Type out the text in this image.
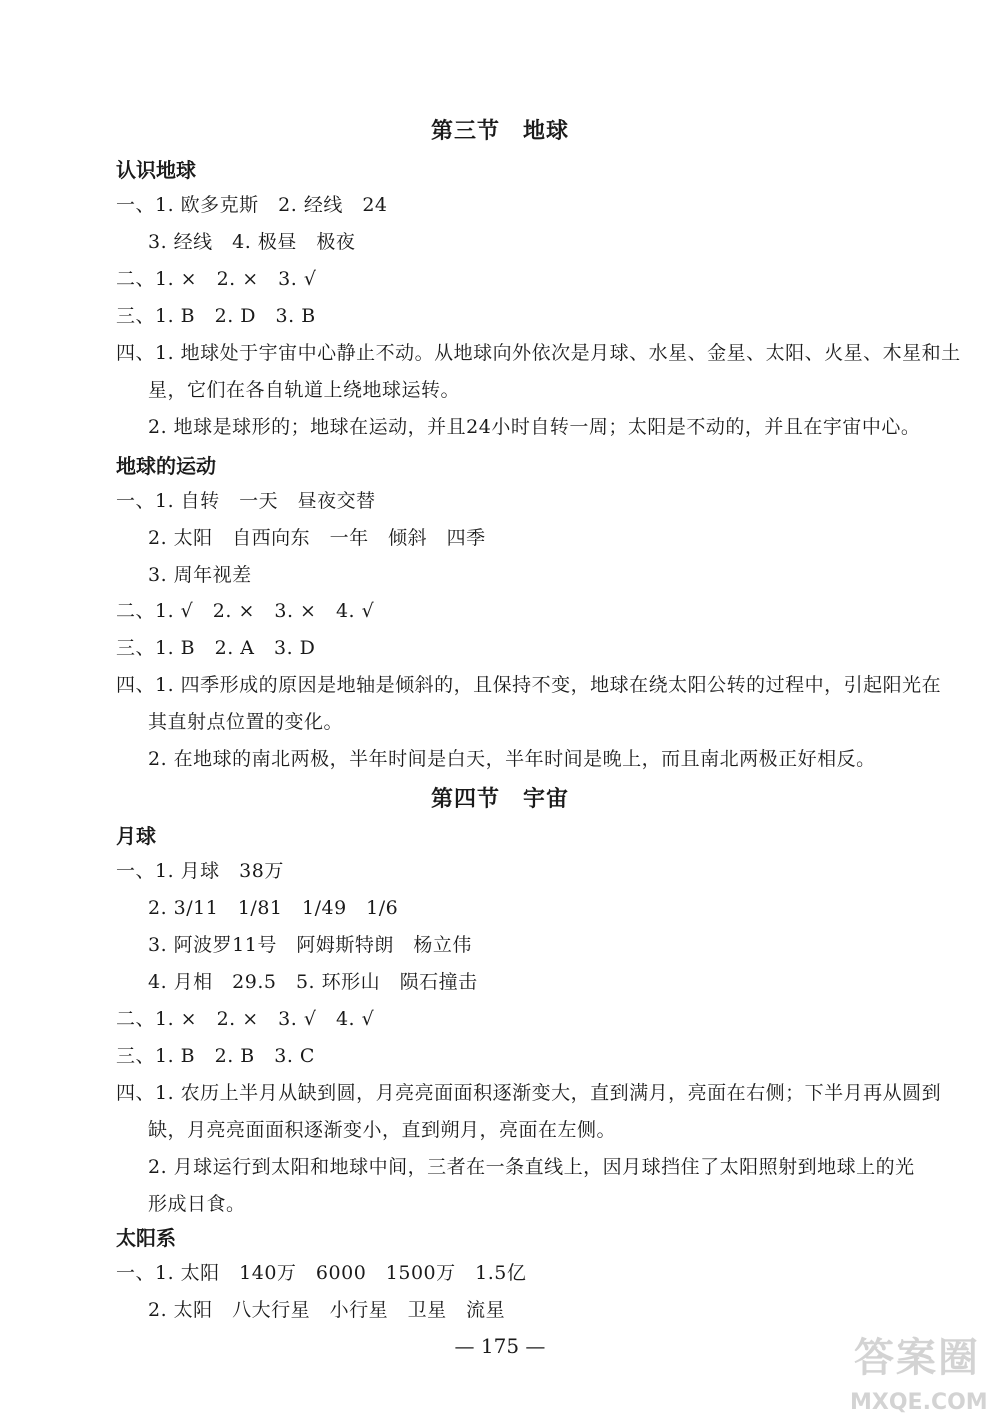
第三节　地球
认识地球
一、1. 欧多克斯　2. 经线　24
3. 经线　4. 极昼　极夜
二、1. ×　2. ×　3. √
三、1. B　2. D　3. B
四、1. 地球处于宇宙中心静止不动。从地球向外依次是月球、水星、金星、太阳、火星、木星和土
星，它们在各自轨道上绕地球运转。
2. 地球是球形的；地球在运动，并且24小时自转一周；太阳是不动的，并且在宇宙中心。
地球的运动
一、1. 自转　一天　昼夜交替
2. 太阳　自西向东　一年　倾斜　四季
3. 周年视差
二、1. √　2. ×　3. ×　4. √
三、1. B　2. A　3. D
四、1. 四季形成的原因是地轴是倾斜的，且保持不变，地球在绕太阳公转的过程中，引起阳光在
其直射点位置的变化。
2. 在地球的南北两极，半年时间是白天，半年时间是晚上，而且南北两极正好相反。
第四节　宇宙
月球
一、1. 月球　38万
2. 3/11　1/81　1/49　1/6
3. 阿波罗11号　阿姆斯特朗　杨立伟
4. 月相　29.5　5. 环形山　陨石撞击
二、1. ×　2. ×　3. √　4. √
三、1. B　2. B　3. C
四、1. 农历上半月从缺到圆，月亮亮面面积逐渐变大，直到满月，亮面在右侧；下半月再从圆到
缺，月亮亮面面积逐渐变小，直到朔月，亮面在左侧。
2. 月球运行到太阳和地球中间，三者在一条直线上，因月球挡住了太阳照射到地球上的光
形成日食。
太阳系
一、1. 太阳　140万　6000　1500万　1.5亿
2. 太阳　八大行星　小行星　卫星　流星
— 175 —	答案圈
MXQE.COM
